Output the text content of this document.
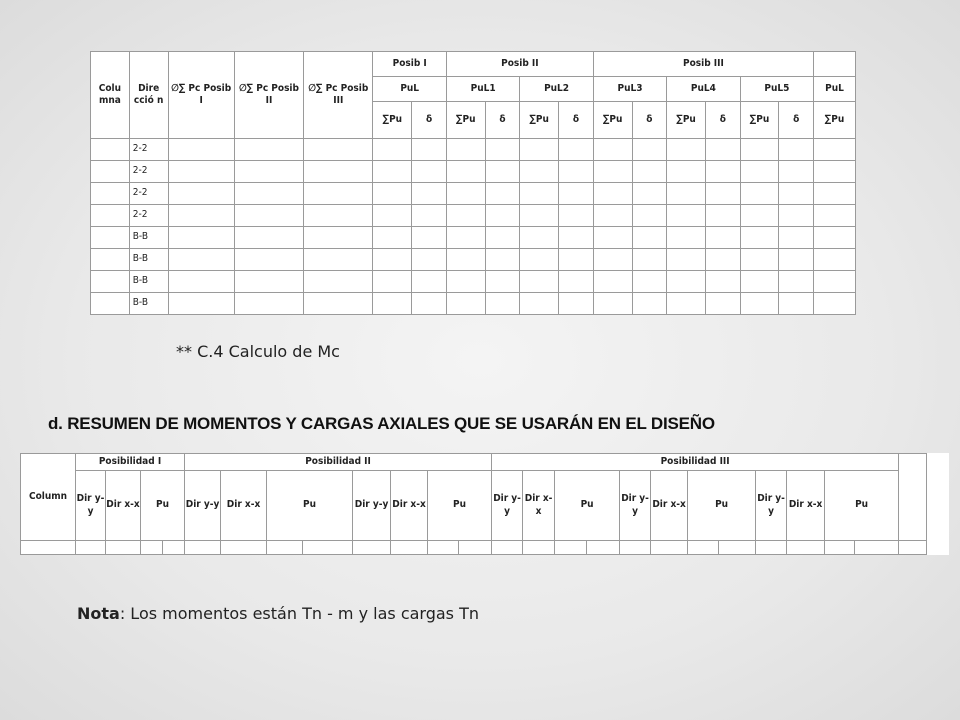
Colu mna	Dire cció n	∅∑ Pc Posib I	∅∑ Pc Posib II	∅∑ Pc Posib III	Posib I		Posib II				Posib III						
					PuL		PuL1		PuL2		PuL3		PuL4		PuL5		PuL
					∑Pu	δ	∑Pu	δ	∑Pu	δ	∑Pu	δ	∑Pu	δ	∑Pu	δ	∑Pu
	2-2																
	2-2																
	2-2																
	2-2																
	B-B																
	B-B																
	B-B																
	B-B																
** C.4 Calculo de Mc
d. RESUMEN DE MOMENTOS Y CARGAS AXIALES QUE SE USARÁN EN EL DISEÑO
Column	Posibilidad I				Posibilidad II								Posibilidad III												
	Dir y-y	Dir x-x	Pu		Dir y-y	Dir x-x	Pu		Dir y-y	Dir x-x	Pu		Dir y-y	Dir x-x	Pu		Dir y-y	Dir x-x	Pu		Dir y-y	Dir x-x	Pu		

Nota: Los momentos están Tn - m y las cargas Tn
